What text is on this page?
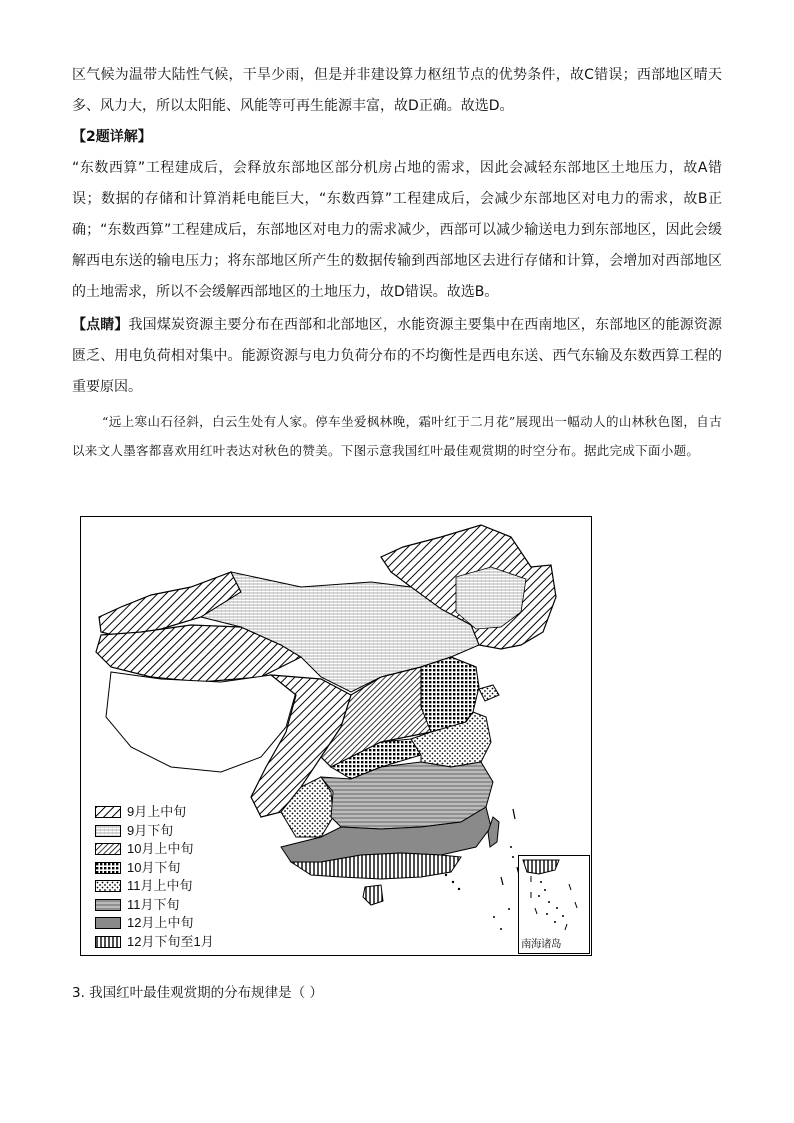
区气候为温带大陆性气候，干旱少雨，但是并非建设算力枢纽节点的优势条件，故C错误；西部地区晴天多、风力大，所以太阳能、风能等可再生能源丰富，故D正确。故选D。

【2题详解】

“东数西算”工程建成后，会释放东部地区部分机房占地的需求，因此会减轻东部地区土地压力，故A错误；数据的存储和计算消耗电能巨大，“东数西算”工程建成后，会减少东部地区对电力的需求，故B正确；“东数西算”工程建成后，东部地区对电力的需求减少，西部可以减少输送电力到东部地区，因此会缓解西电东送的输电压力；将东部地区所产生的数据传输到西部地区去进行存储和计算，会增加对西部地区的土地需求，所以不会缓解西部地区的土地压力，故D错误。故选B。

【点睛】我国煤炭资源主要分布在西部和北部地区，水能资源主要集中在西南地区，东部地区的能源资源匮乏、用电负荷相对集中。能源资源与电力负荷分布的不均衡性是西电东送、西气东输及东数西算工程的重要原因。

“远上寒山石径斜，白云生处有人家。停车坐爱枫林晚，霜叶红于二月花”展现出一幅动人的山林秋色图，自古以来文人墨客都喜欢用红叶表达对秋色的赞美。下图示意我国红叶最佳观赏期的时空分布。据此完成下面小题。
9月上中旬
9月下旬
10月上中旬
10月下旬
11月上中旬
11月下旬
12月上中旬
12月下旬至1月	南海诸岛
3. 我国红叶最佳观赏期的分布规律是（ ）
